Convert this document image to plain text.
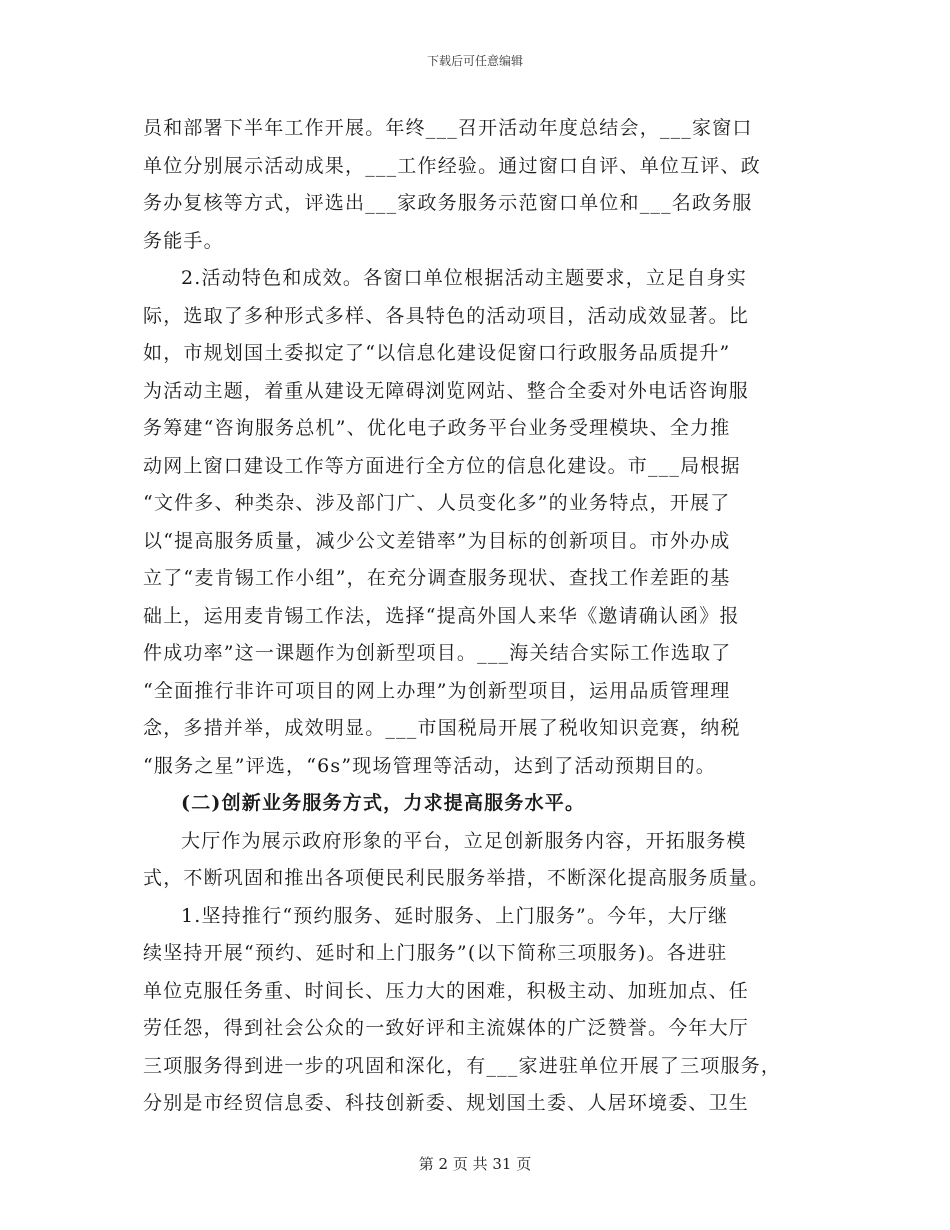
下载后可任意编辑
员和部署下半年工作开展。年终___召开活动年度总结会，___家窗口
单位分别展示活动成果，___工作经验。通过窗口自评、单位互评、政
务办复核等方式，评选出___家政务服务示范窗口单位和___名政务服
务能手。
2.活动特色和成效。各窗口单位根据活动主题要求，立足自身实
际，选取了多种形式多样、各具特色的活动项目，活动成效显著。比
如，市规划国土委拟定了“以信息化建设促窗口行政服务品质提升”
为活动主题，着重从建设无障碍浏览网站、整合全委对外电话咨询服
务筹建“咨询服务总机”、优化电子政务平台业务受理模块、全力推
动网上窗口建设工作等方面进行全方位的信息化建设。市___局根据
“文件多、种类杂、涉及部门广、人员变化多”的业务特点，开展了
以“提高服务质量，减少公文差错率”为目标的创新项目。市外办成
立了“麦肯锡工作小组”，在充分调查服务现状、查找工作差距的基
础上，运用麦肯锡工作法，选择“提高外国人来华《邀请确认函》报
件成功率”这一课题作为创新型项目。___海关结合实际工作选取了
“全面推行非许可项目的网上办理”为创新型项目，运用品质管理理
念，多措并举，成效明显。___市国税局开展了税收知识竞赛，纳税
“服务之星”评选，“6s”现场管理等活动，达到了活动预期目的。
(二)创新业务服务方式，力求提高服务水平。
大厅作为展示政府形象的平台，立足创新服务内容，开拓服务模
式，不断巩固和推出各项便民利民服务举措，不断深化提高服务质量。
1.坚持推行“预约服务、延时服务、上门服务”。今年，大厅继
续坚持开展“预约、延时和上门服务”(以下简称三项服务)。各进驻
单位克服任务重、时间长、压力大的困难，积极主动、加班加点、任
劳任怨，得到社会公众的一致好评和主流媒体的广泛赞誉。今年大厅
三项服务得到进一步的巩固和深化，有___家进驻单位开展了三项服务，
分别是市经贸信息委、科技创新委、规划国土委、人居环境委、卫生
第 2 页 共 31 页
